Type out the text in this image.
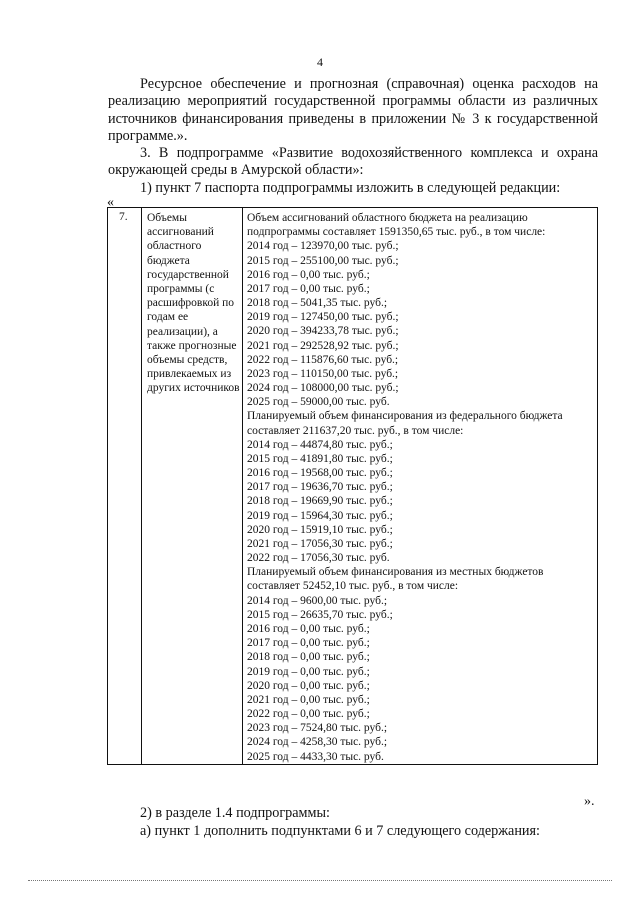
4
Ресурсное обеспечение и прогнозная (справочная) оценка расходов на реализацию мероприятий государственной программы области из различных источников финансирования приведены в приложении № 3 к государственной программе.».
3. В подпрограмме «Развитие водохозяйственного комплекса и охрана окружающей среды в Амурской области»:
1) пункт 7 паспорта подпрограммы изложить в следующей редакции:
«
7. Объемы ассигнований областного бюджета государственной программы (с расшифровкой по годам ее реализации), а также прогнозные объемы средств, привлекаемых из других источников
Объем ассигнований областного бюджета на реализацию
подпрограммы составляет 1591350,65 тыс. руб., в том числе:
2014 год – 123970,00 тыс. руб.;
2015 год – 255100,00 тыс. руб.;
2016 год – 0,00 тыс. руб.;
2017 год – 0,00 тыс. руб.;
2018 год – 5041,35 тыс. руб.;
2019 год – 127450,00 тыс. руб.;
2020 год – 394233,78 тыс. руб.;
2021 год – 292528,92 тыс. руб.;
2022 год – 115876,60 тыс. руб.;
2023 год – 110150,00 тыс. руб.;
2024 год – 108000,00 тыс. руб.;
2025 год – 59000,00 тыс. руб.
Планируемый объем финансирования из федерального бюджета
составляет 211637,20 тыс. руб., в том числе:
2014 год – 44874,80 тыс. руб.;
2015 год – 41891,80 тыс. руб.;
2016 год – 19568,00 тыс. руб.;
2017 год – 19636,70 тыс. руб.;
2018 год – 19669,90 тыс. руб.;
2019 год – 15964,30 тыс. руб.;
2020 год – 15919,10 тыс. руб.;
2021 год – 17056,30 тыс. руб.;
2022 год – 17056,30 тыс. руб.
Планируемый объем финансирования из местных бюджетов
составляет 52452,10 тыс. руб., в том числе:
2014 год – 9600,00 тыс. руб.;
2015 год – 26635,70 тыс. руб.;
2016 год – 0,00 тыс. руб.;
2017 год – 0,00 тыс. руб.;
2018 год – 0,00 тыс. руб.;
2019 год – 0,00 тыс. руб.;
2020 год – 0,00 тыс. руб.;
2021 год – 0,00 тыс. руб.;
2022 год – 0,00 тыс. руб.;
2023 год – 7524,80 тыс. руб.;
2024 год – 4258,30 тыс. руб.;
2025 год – 4433,30 тыс. руб.
».
2) в разделе 1.4 подпрограммы:
а) пункт 1 дополнить подпунктами 6 и 7 следующего содержания:
